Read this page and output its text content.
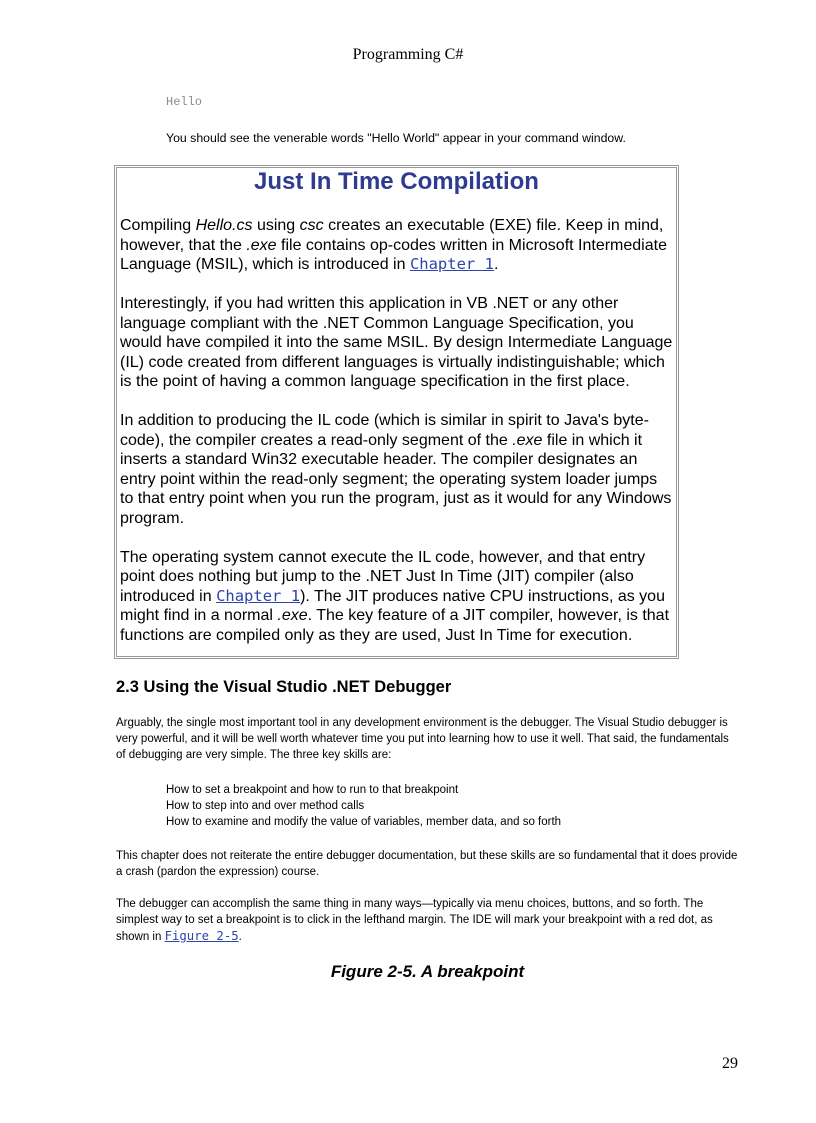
Programming C#
Hello
You should see the venerable words "Hello World" appear in your command window.
Just In Time Compilation

Compiling Hello.cs using csc creates an executable (EXE) file. Keep in mind, however, that the .exe file contains op-codes written in Microsoft Intermediate Language (MSIL), which is introduced in Chapter 1.

Interestingly, if you had written this application in VB .NET or any other language compliant with the .NET Common Language Specification, you would have compiled it into the same MSIL. By design Intermediate Language (IL) code created from different languages is virtually indistinguishable; which is the point of having a common language specification in the first place.

In addition to producing the IL code (which is similar in spirit to Java's byte-code), the compiler creates a read-only segment of the .exe file in which it inserts a standard Win32 executable header. The compiler designates an entry point within the read-only segment; the operating system loader jumps to that entry point when you run the program, just as it would for any Windows program.

The operating system cannot execute the IL code, however, and that entry point does nothing but jump to the .NET Just In Time (JIT) compiler (also introduced in Chapter 1). The JIT produces native CPU instructions, as you might find in a normal .exe. The key feature of a JIT compiler, however, is that functions are compiled only as they are used, Just In Time for execution.

2.3 Using the Visual Studio .NET Debugger
Arguably, the single most important tool in any development environment is the debugger. The Visual Studio debugger is very powerful, and it will be well worth whatever time you put into learning how to use it well. That said, the fundamentals of debugging are very simple. The three key skills are:
How to set a breakpoint and how to run to that breakpoint
How to step into and over method calls
How to examine and modify the value of variables, member data, and so forth
This chapter does not reiterate the entire debugger documentation, but these skills are so fundamental that it does provide a crash (pardon the expression) course.
The debugger can accomplish the same thing in many ways—typically via menu choices, buttons, and so forth. The simplest way to set a breakpoint is to click in the lefthand margin. The IDE will mark your breakpoint with a red dot, as shown in Figure 2-5.
Figure 2-5. A breakpoint
29
